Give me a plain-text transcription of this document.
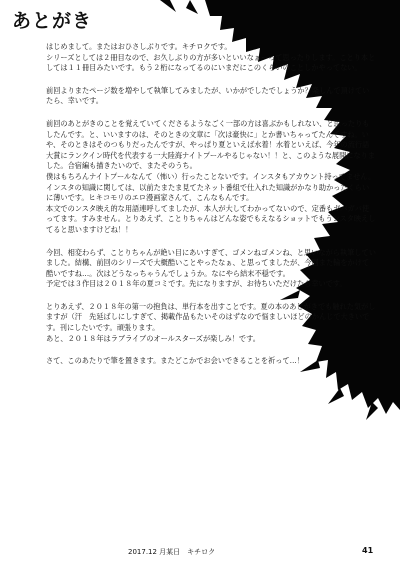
あとがき

はじめまして。またはおひさしぶりです。キチロクです。
シリーズとしては２冊目なので、お久しぶりの方が多いといいなぁーって思ったりします。ことり本としては１１冊目みたいです。もう２桁になってるのにいまだにこのくらいのことしかやってない。

前回よりまたページ数を増やして執筆してみましたが、いかがでしたでしょうか？楽しんで頂けていたら、幸いです。

前回のあとがきのことを覚えていてくださるようなごく一部の方は喜ぶかもしれない、と思ったりもしたんです。と、いいますのは、そのときの文章に「次は豪快に」とか書いちゃってたんですね。いや、そのときはそのつもりだったんですが、やっぱり夏といえば水着！水着といえば、今年の流行語大賞にランクイン時代を代表する一大陸海ナイトプールやるじゃない！！と、このような展開になりました。合宿編も描きたいので、またそのうち。
僕はもちろんナイトプールなんて（怖い）行ったことないです。インスタもアカウント持ってません。インスタの知識に関しては、以前たまたま見てたネット番組で仕入れた知識がかなり助かったくらいに薄いです。ヒキコモリのエロ漫画家さんて、こんなもんです。
本文でのンスタ映え的な用語連呼してましたが、本人が大してわかってないので、定番もガバガバ使ってます。すみません。とりあえず、ことりちゃんはどんな姿でもえなるショットでもうンスタ映えしてると思いますけどね！！

今回、相変わらず、ことりちゃんが絶い目にあいすぎて、ゴメンねゴメンね、と思いながら執筆していました。結構、前回のシリーズで大概酷いことやったなぁ、と思ってましたが、今回また輪をかけて酷いですね…。次はどうなっちゃうんでしょうか。なにやら結末不穏です。
予定では３作目は２０１８年の夏コミです。先になりますが、お待ちいただけたら幸いです。

とりあえず、２０１８年の第一の抱負は、単行本を出すことです。夏の本のあとがきでも触れた気がしますが（汗　先延ばしにしすぎて、掲載作品もたいそのはずなので悩ましいほどのかんじで大きいです。刊にしたいです。頑張ります。
あと、２０１８年はラブライブのオールスターズが楽しみ！です。

さて、このあたりで筆を置きます。またどこかでお会いできることを祈って…！

2017.12 月某日　キチロク	41
